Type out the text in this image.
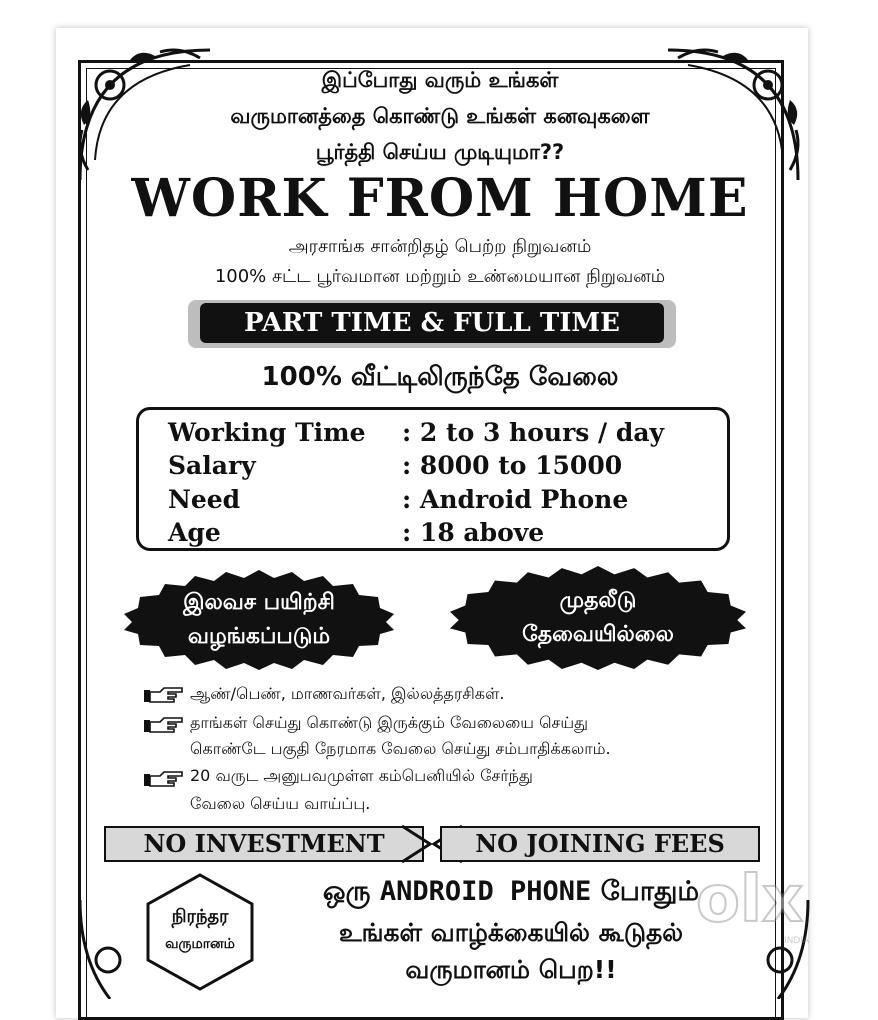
இப்போது வரும் உங்கள்
வருமானத்தை கொண்டு உங்கள் கனவுகளை
பூர்த்தி செய்ய முடியுமா??
WORK FROM HOME
அரசாங்க சான்றிதழ் பெற்ற நிறுவனம்
100% சட்ட பூர்வமான மற்றும் உண்மையான நிறுவனம்
PART TIME & FULL TIME
100% வீட்டிலிருந்தே வேலை
Working Time : 2 to 3 hours / day
Salary	: 8000 to 15000
Need	: Android Phone
Age	: 18 above
இலவச பயிற்சி
வழங்கப்படும்
முதலீடு
தேவையில்லை
ஆண்/பெண், மாணவர்கள், இல்லத்தரசிகள்.
தாங்கள் செய்து கொண்டு இருக்கும் வேலையை செய்து
கொண்டே பகுதி நேரமாக வேலை செய்து சம்பாதிக்கலாம்.
20 வருட அனுபவமுள்ள கம்பெனியில் சேர்ந்து
வேலை செய்ய வாய்ப்பு.
NO INVESTMENT	NO JOINING FEES
நிரந்தர
வருமானம்
ஒரு ANDROID PHONE போதும்
உங்கள் வாழ்க்கையில் கூடுதல்
வருமானம் பெற!!
olx
INDIA
